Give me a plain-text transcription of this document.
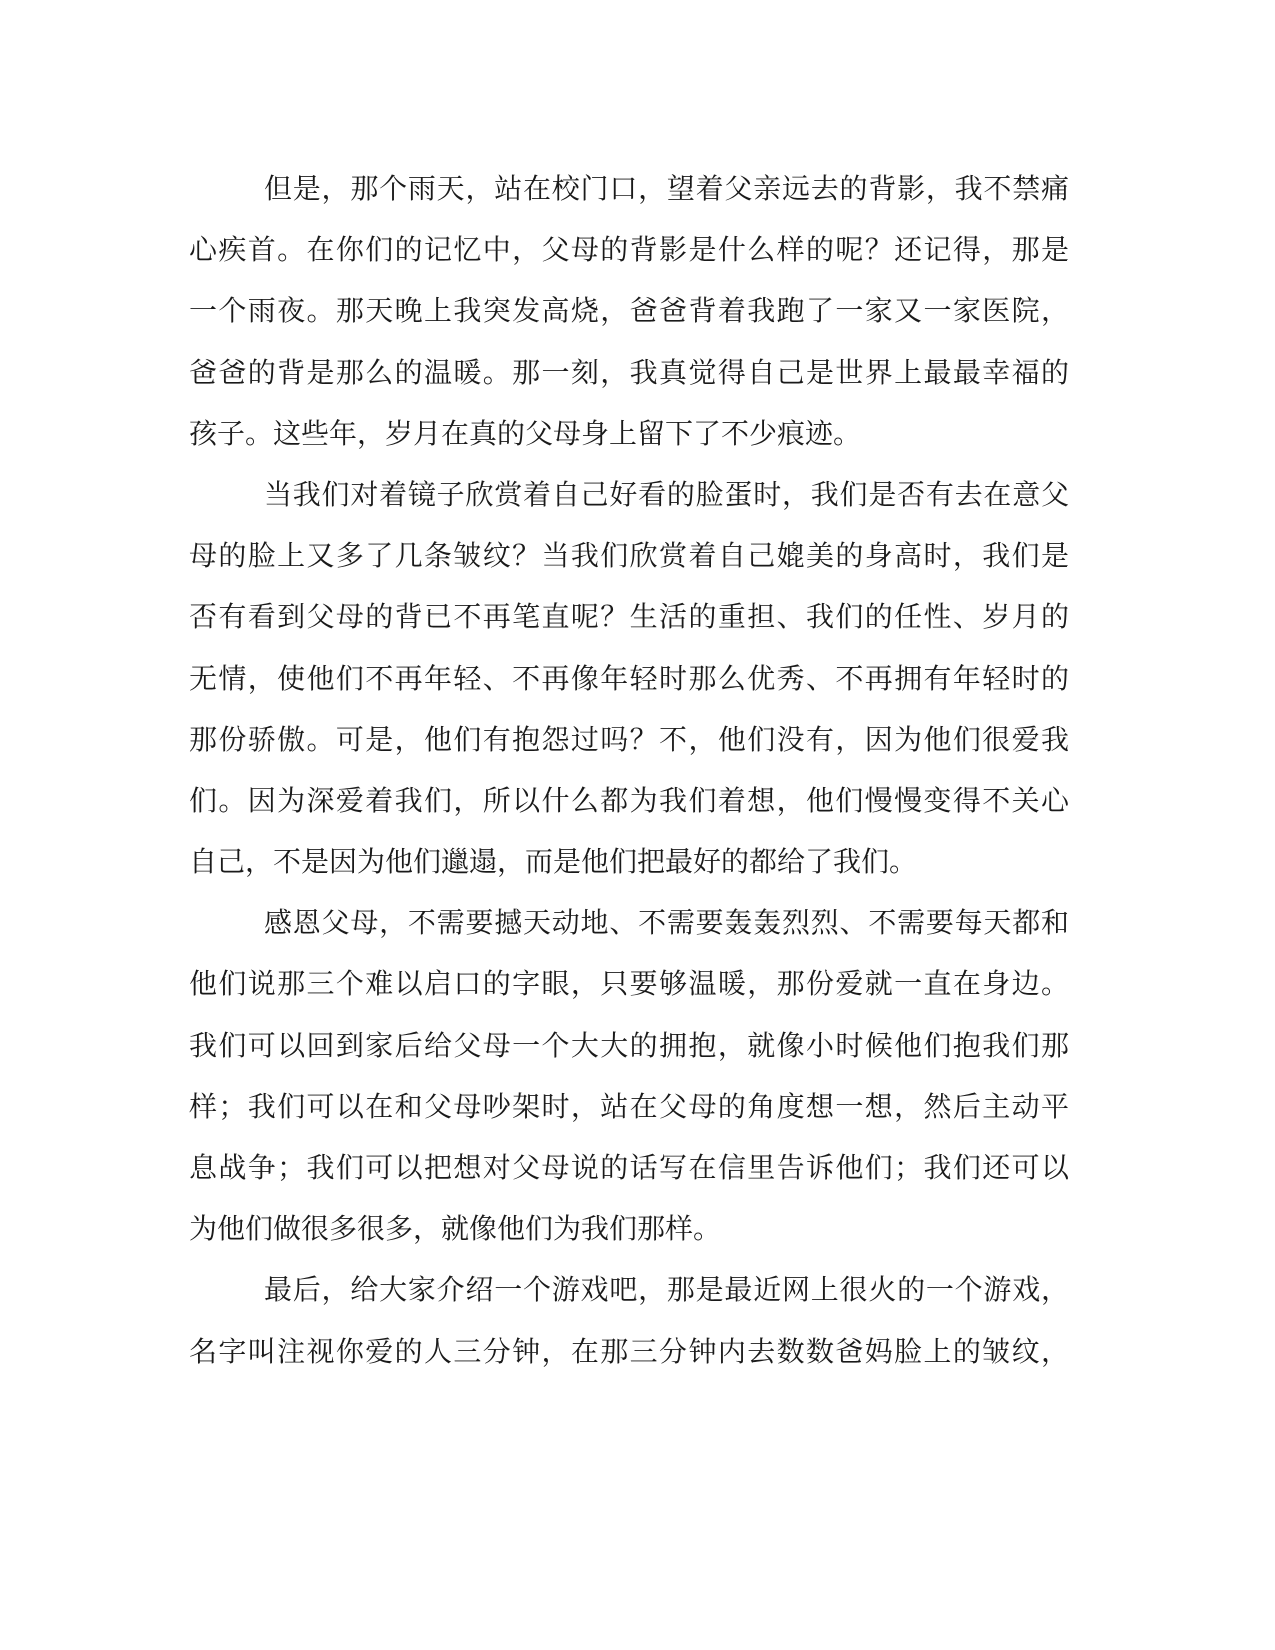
但是，那个雨天，站在校门口，望着父亲远去的背影，我不禁痛
心疾首。在你们的记忆中，父母的背影是什么样的呢？还记得，那是
一个雨夜。那天晚上我突发高烧，爸爸背着我跑了一家又一家医院，
爸爸的背是那么的温暖。那一刻，我真觉得自己是世界上最最幸福的
孩子。这些年，岁月在真的父母身上留下了不少痕迹。
当我们对着镜子欣赏着自己好看的脸蛋时，我们是否有去在意父
母的脸上又多了几条皱纹？当我们欣赏着自己媲美的身高时，我们是
否有看到父母的背已不再笔直呢？生活的重担、我们的任性、岁月的
无情，使他们不再年轻、不再像年轻时那么优秀、不再拥有年轻时的
那份骄傲。可是，他们有抱怨过吗？不，他们没有，因为他们很爱我
们。因为深爱着我们，所以什么都为我们着想，他们慢慢变得不关心
自己，不是因为他们邋遢，而是他们把最好的都给了我们。
感恩父母，不需要撼天动地、不需要轰轰烈烈、不需要每天都和
他们说那三个难以启口的字眼，只要够温暖，那份爱就一直在身边。
我们可以回到家后给父母一个大大的拥抱，就像小时候他们抱我们那
样；我们可以在和父母吵架时，站在父母的角度想一想，然后主动平
息战争；我们可以把想对父母说的话写在信里告诉他们；我们还可以
为他们做很多很多，就像他们为我们那样。
最后，给大家介绍一个游戏吧，那是最近网上很火的一个游戏，
名字叫注视你爱的人三分钟，在那三分钟内去数数爸妈脸上的皱纹，
